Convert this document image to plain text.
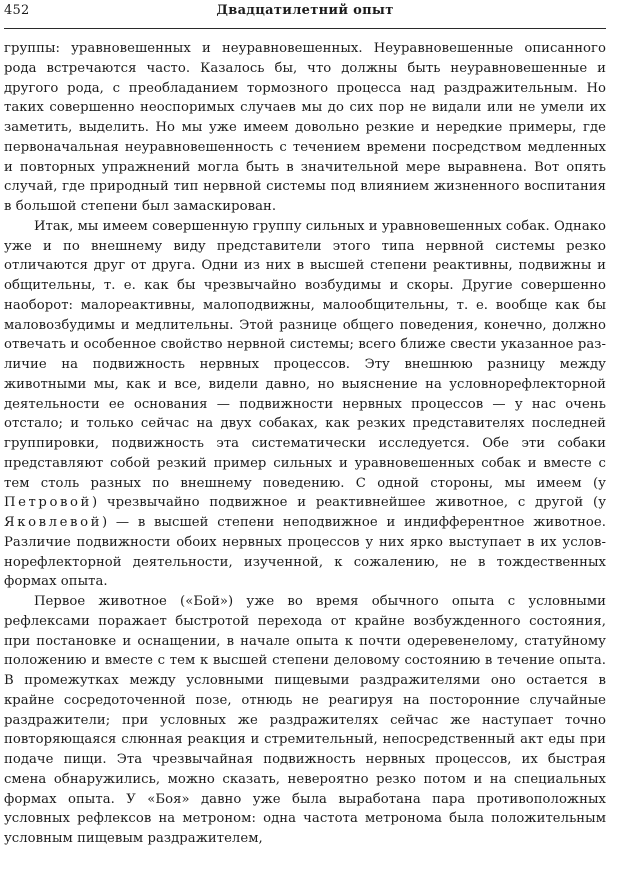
452	Двадцатилетний опыт

группы: уравновешенных и неуравновешенных. Неуравновешенные описанного рода встречаются часто. Казалось бы, что должны быть неуравновешенные и другого рода, с преобладанием тормозного процесса над раздражительным. Но таких совершенно неоспоримых случаев мы до сих пор не видали или не умели их заметить, выделить. Но мы уже имеем довольно резкие и нередкие примеры, где первоначальная неуравновешенность с течением времени посредством медленных и повторных упражнений могла быть в значительной мере выравнена. Вот опять случай, где природный тип нервной системы под влиянием жизненного воспитания в большой степени был замаскирован.

Итак, мы имеем совершенную группу сильных и уравновешенных собак. Однако уже и по внешнему виду представители этого типа нервной системы резко отличаются друг от друга. Одни из них в высшей степени реактивны, подвижны и общительны, т. е. как бы чрезвычайно возбудимы и скоры. Другие совершенно наоборот: малореактивны, малоподвижны, малообщительны, т. е. вообще как бы маловозбудимы и медлительны. Этой разнице общего поведения, конечно, должно отвечать и особенное свойство нервной системы; всего ближе свести указанное различие на подвижность нервных процессов. Эту внешнюю разницу между животными мы, как и все, видели давно, но выяснение на условнорефлекторной деятельности ее основания — подвижности нервных процессов — у нас очень отстало; и только сейчас на двух собаках, как резких представителях последней группировки, подвижность эта систематически исследуется. Обе эти собаки представляют собой резкий пример сильных и уравновешенных собак и вместе с тем столь разных по внешнему поведению. С одной стороны, мы имеем (у Петровой) чрезвычайно подвижное и реактивнейшее животное, с другой (у Яковлевой) — в высшей степени неподвижное и индифферентное животное. Различие подвижности обоих нервных процессов у них ярко выступает в их условнорефлекторной деятельности, изученной, к сожалению, не в тождественных формах опыта.

Первое животное («Бой») уже во время обычного опыта с условными рефлексами поражает быстротой перехода от крайне возбужденного состояния, при постановке и оснащении, в начале опыта к почти одеревенелому, статуйному положению и вместе с тем к высшей степени деловому состоянию в течение опыта. В промежутках между условными пищевыми раздражителями оно остается в крайне сосредоточенной позе, отнюдь не реагируя на посторонние случайные раздражители; при условных же раздражителях сейчас же наступает точно повторяющаяся слюнная реакция и стремительный, непосредственный акт еды при подаче пищи. Эта чрезвычайная подвижность нервных процессов, их быстрая смена обнаружились, можно сказать, невероятно резко потом и на специальных формах опыта. У «Боя» давно уже была выработана пара противоположных условных рефлексов на метроном: одна частота метронома была положительным условным пищевым раздражителем,
